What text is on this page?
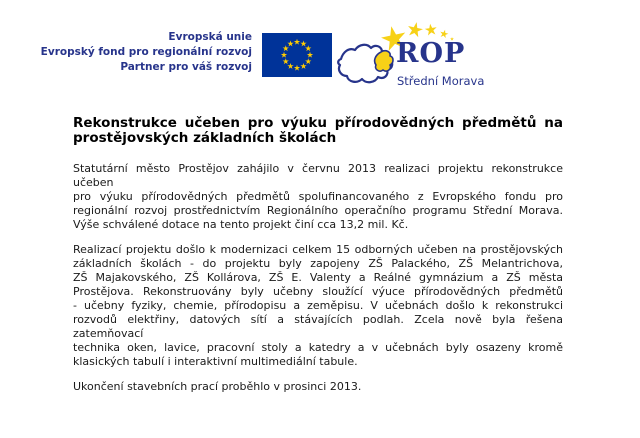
Evropská unie
Evropský fond pro regionální rozvoj
Partner pro váš rozvoj	ROP
Střední Morava
Rekonstrukce učeben pro výuku přírodovědných předmětů na
prostějovských základních školách
Statutární město Prostějov zahájilo v červnu 2013 realizaci projektu rekonstrukce učeben
pro výuku přírodovědných předmětů spolufinancovaného z Evropského fondu pro
regionální rozvoj prostřednictvím Regionálního operačního programu Střední Morava.
Výše schválené dotace na tento projekt činí cca 13,2 mil. Kč.
Realizací projektu došlo k modernizaci celkem 15 odborných učeben na prostějovských
základních školách - do projektu byly zapojeny ZŠ Palackého, ZŠ Melantrichova,
ZŠ Majakovského, ZŠ Kollárova, ZŠ E. Valenty a Reálné gymnázium a ZŠ města
Prostějova. Rekonstruovány byly učebny sloužící výuce přírodovědných předmětů
- učebny fyziky, chemie, přírodopisu a zeměpisu. V učebnách došlo k rekonstrukci
rozvodů elektřiny, datových sítí a stávajících podlah. Zcela nově byla řešena zatemňovací
technika oken, lavice, pracovní stoly a katedry a v učebnách byly osazeny kromě
klasických tabulí i interaktivní multimediální tabule.
Ukončení stavebních prací proběhlo v prosinci 2013.
